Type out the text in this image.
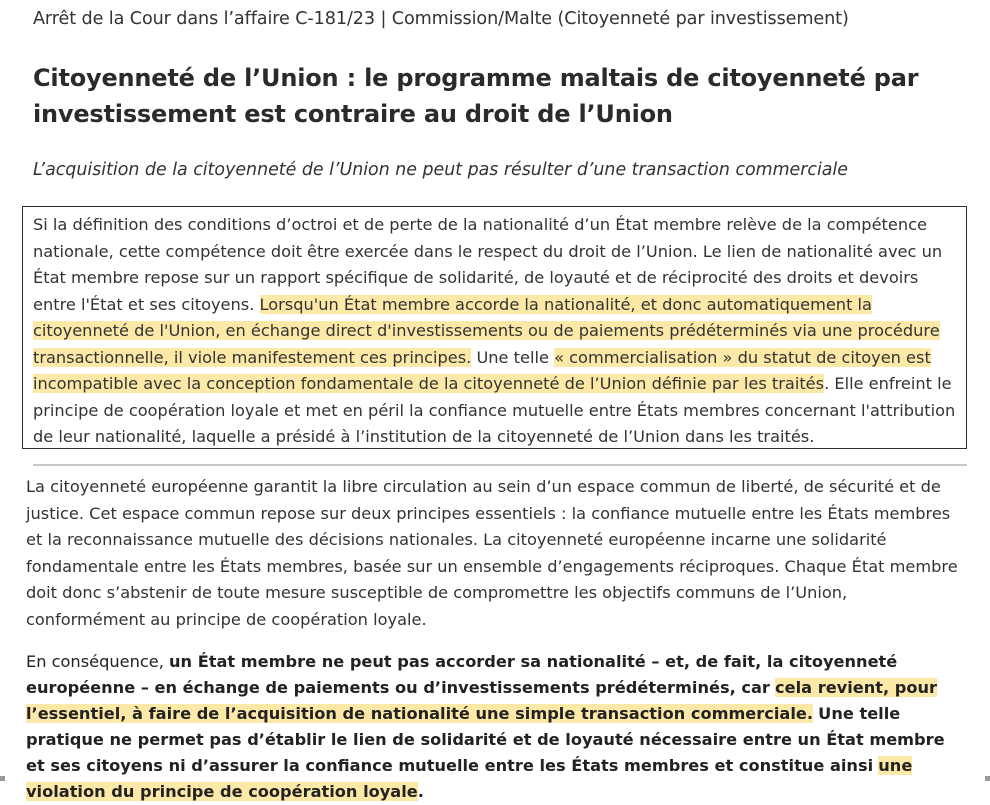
Arrêt de la Cour dans l’affaire C-181/23 | Commission/Malte (Citoyenneté par investissement)
Citoyenneté de l’Union : le programme maltais de citoyenneté par investissement est contraire au droit de l’Union
L’acquisition de la citoyenneté de l’Union ne peut pas résulter d’une transaction commerciale
Si la définition des conditions d’octroi et de perte de la nationalité d’un État membre relève de la compétence nationale, cette compétence doit être exercée dans le respect du droit de l’Union. Le lien de nationalité avec un État membre repose sur un rapport spécifique de solidarité, de loyauté et de réciprocité des droits et devoirs entre l'État et ses citoyens. Lorsqu'un État membre accorde la nationalité, et donc automatiquement la citoyenneté de l'Union, en échange direct d'investissements ou de paiements prédéterminés via une procédure transactionnelle, il viole manifestement ces principes. Une telle « commercialisation » du statut de citoyen est incompatible avec la conception fondamentale de la citoyenneté de l’Union définie par les traités. Elle enfreint le principe de coopération loyale et met en péril la confiance mutuelle entre États membres concernant l'attribution de leur nationalité, laquelle a présidé à l’institution de la citoyenneté de l’Union dans les traités.

La citoyenneté européenne garantit la libre circulation au sein d’un espace commun de liberté, de sécurité et de justice. Cet espace commun repose sur deux principes essentiels : la confiance mutuelle entre les États membres et la reconnaissance mutuelle des décisions nationales. La citoyenneté européenne incarne une solidarité fondamentale entre les États membres, basée sur un ensemble d’engagements réciproques. Chaque État membre doit donc s’abstenir de toute mesure susceptible de compromettre les objectifs communs de l’Union, conformément au principe de coopération loyale.

En conséquence, un État membre ne peut pas accorder sa nationalité – et, de fait, la citoyenneté européenne – en échange de paiements ou d’investissements prédéterminés, car cela revient, pour l’essentiel, à faire de l’acquisition de nationalité une simple transaction commerciale. Une telle pratique ne permet pas d’établir le lien de solidarité et de loyauté nécessaire entre un État membre et ses citoyens ni d’assurer la confiance mutuelle entre les États membres et constitue ainsi une violation du principe de coopération loyale.
